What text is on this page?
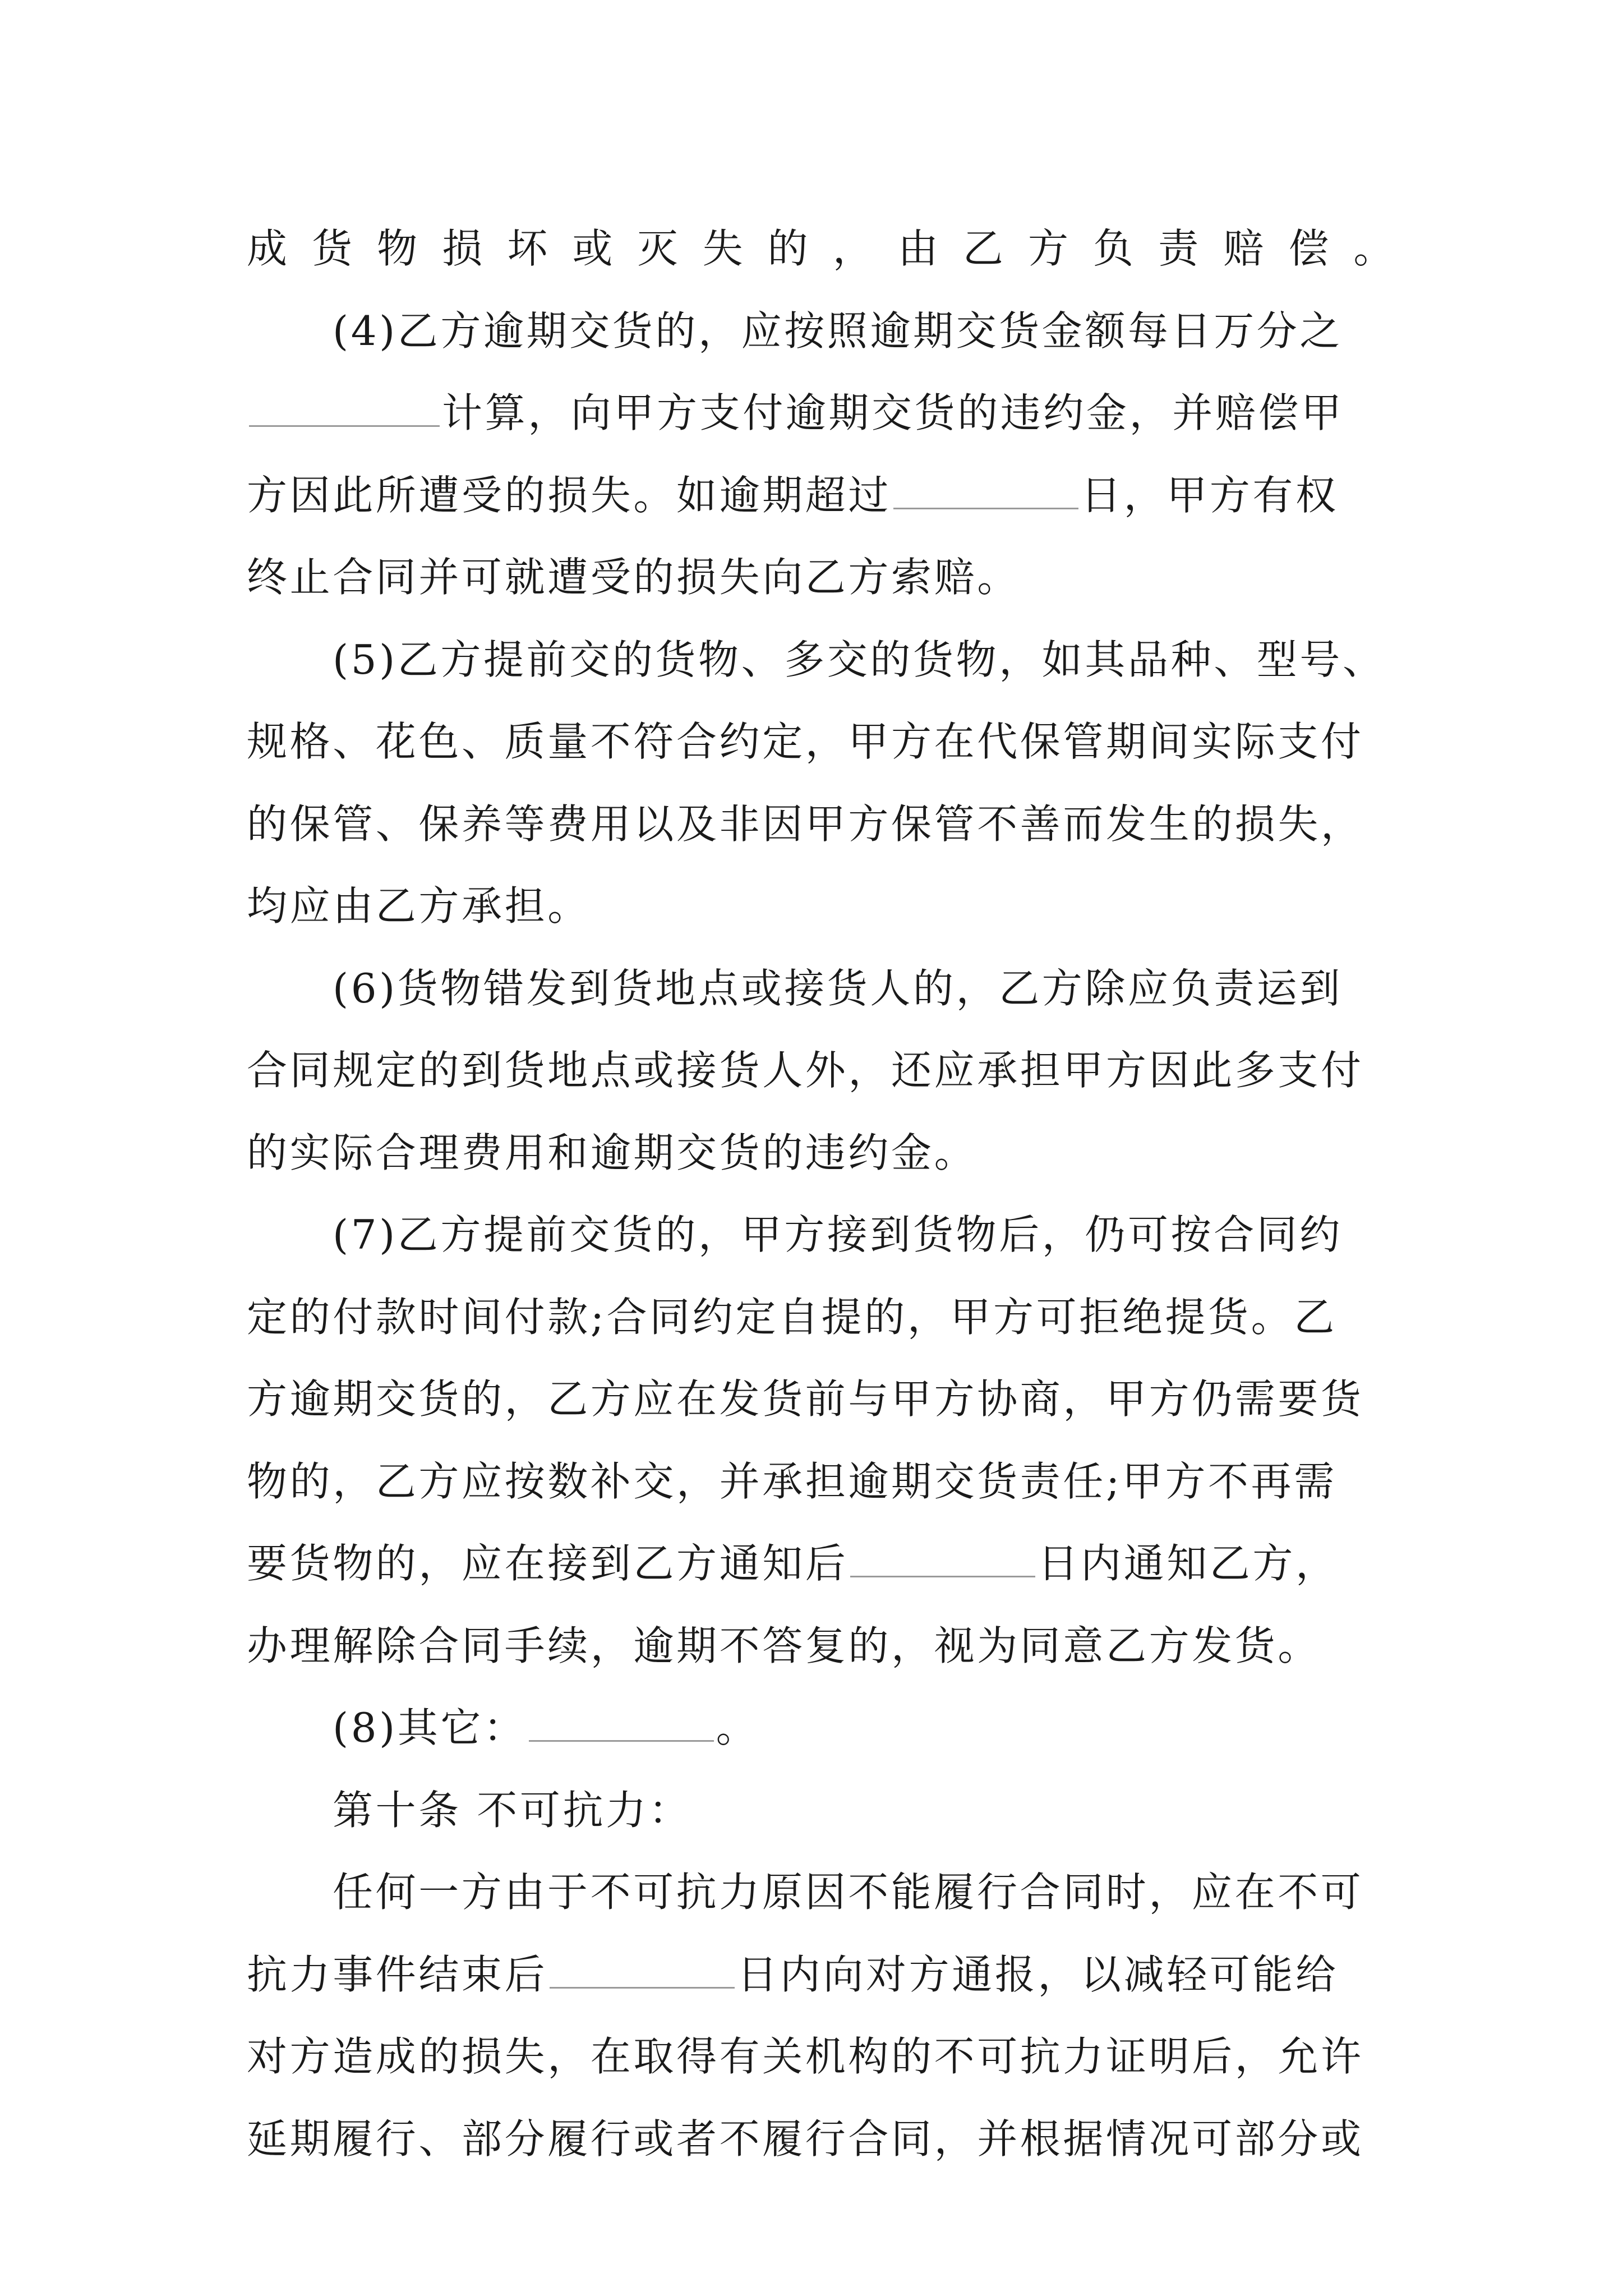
成货物损坏或灭失的，由乙方负责赔偿。
(4)乙方逾期交货的，应按照逾期交货金额每日万分之
计算，向甲方支付逾期交货的违约金，并赔偿甲
方因此所遭受的损失。如逾期超过	日，甲方有权
终止合同并可就遭受的损失向乙方索赔。
(5)乙方提前交的货物、多交的货物，如其品种、型号、
规格、花色、质量不符合约定，甲方在代保管期间实际支付
的保管、保养等费用以及非因甲方保管不善而发生的损失，
均应由乙方承担。
(6)货物错发到货地点或接货人的，乙方除应负责运到
合同规定的到货地点或接货人外，还应承担甲方因此多支付
的实际合理费用和逾期交货的违约金。
(7)乙方提前交货的，甲方接到货物后，仍可按合同约
定的付款时间付款;合同约定自提的，甲方可拒绝提货。乙
方逾期交货的，乙方应在发货前与甲方协商，甲方仍需要货
物的，乙方应按数补交，并承担逾期交货责任;甲方不再需
要货物的，应在接到乙方通知后	日内通知乙方，
办理解除合同手续，逾期不答复的，视为同意乙方发货。
(8)其它：	。
第十条 不可抗力：
任何一方由于不可抗力原因不能履行合同时，应在不可
抗力事件结束后	日内向对方通报，以减轻可能给
对方造成的损失，在取得有关机构的不可抗力证明后，允许
延期履行、部分履行或者不履行合同，并根据情况可部分或
